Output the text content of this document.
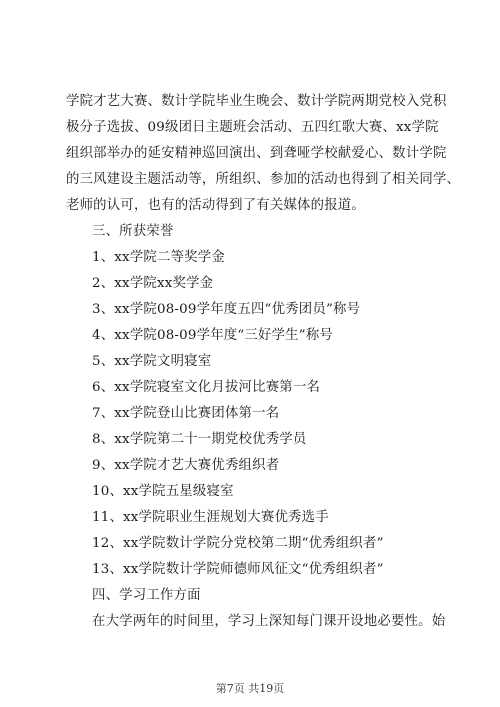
学院才艺大赛、数计学院毕业生晚会、数计学院两期党校入党积
极分子选拔、09级团日主题班会活动、五四红歌大赛、xx学院
组织部举办的延安精神巡回演出、到聋哑学校献爱心、数计学院
的三风建设主题活动等，所组织、参加的活动也得到了相关同学、
老师的认可，也有的活动得到了有关媒体的报道。
三、所获荣誉
1、xx学院二等奖学金
2、xx学院xx奖学金
3、xx学院08-09学年度五四“优秀团员”称号
4、xx学院08-09学年度“三好学生”称号
5、xx学院文明寝室
6、xx学院寝室文化月拔河比赛第一名
7、xx学院登山比赛团体第一名
8、xx学院第二十一期党校优秀学员
9、xx学院才艺大赛优秀组织者
10、xx学院五星级寝室
11、xx学院职业生涯规划大赛优秀选手
12、xx学院数计学院分党校第二期“优秀组织者”
13、xx学院数计学院师德师风征文“优秀组织者”
四、学习工作方面
在大学两年的时间里，学习上深知每门课开设地必要性。始
第7页 共19页
